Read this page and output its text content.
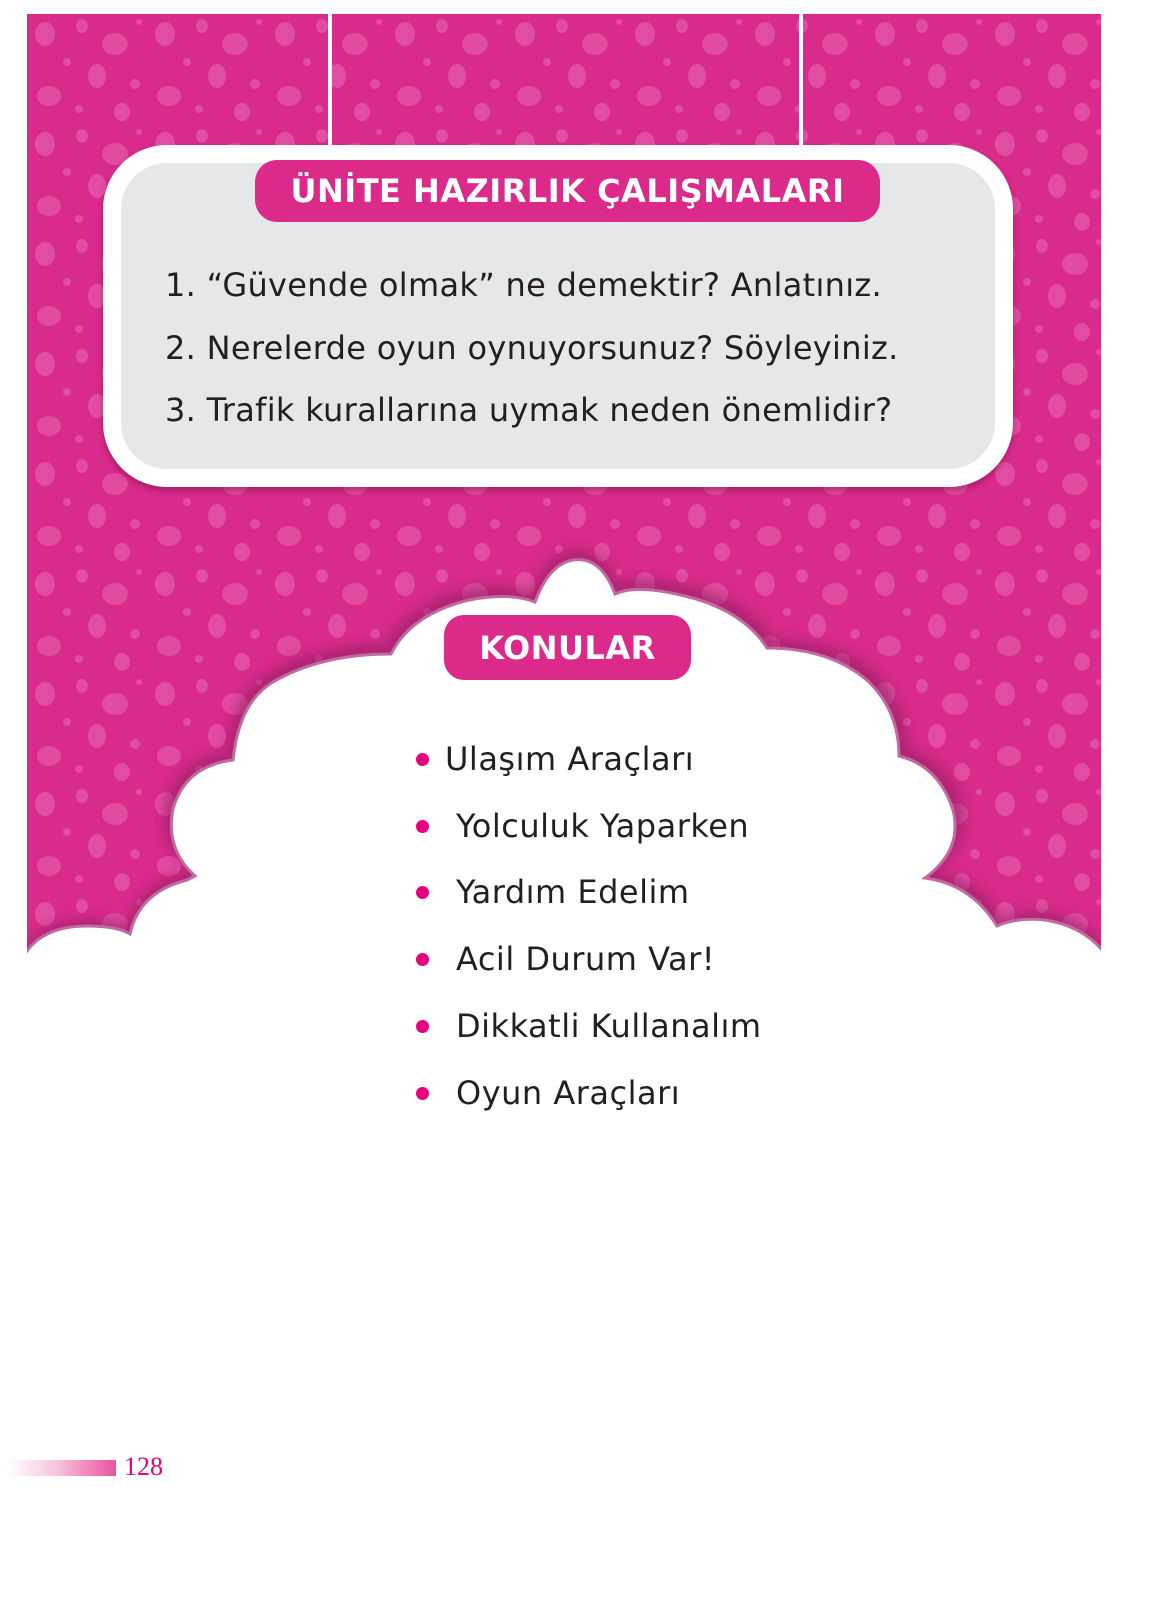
ÜNİTE HAZIRLIK ÇALIŞMALARI
1. “Güvende olmak” ne demektir? Anlatınız.
2. Nerelerde oyun oynuyorsunuz? Söyleyiniz.
3. Trafik kurallarına uymak neden önemlidir?
KONULAR
Ulaşım Araçları
Yolculuk Yaparken
Yardım Edelim
Acil Durum Var!
Dikkatli Kullanalım
Oyun Araçları
128
